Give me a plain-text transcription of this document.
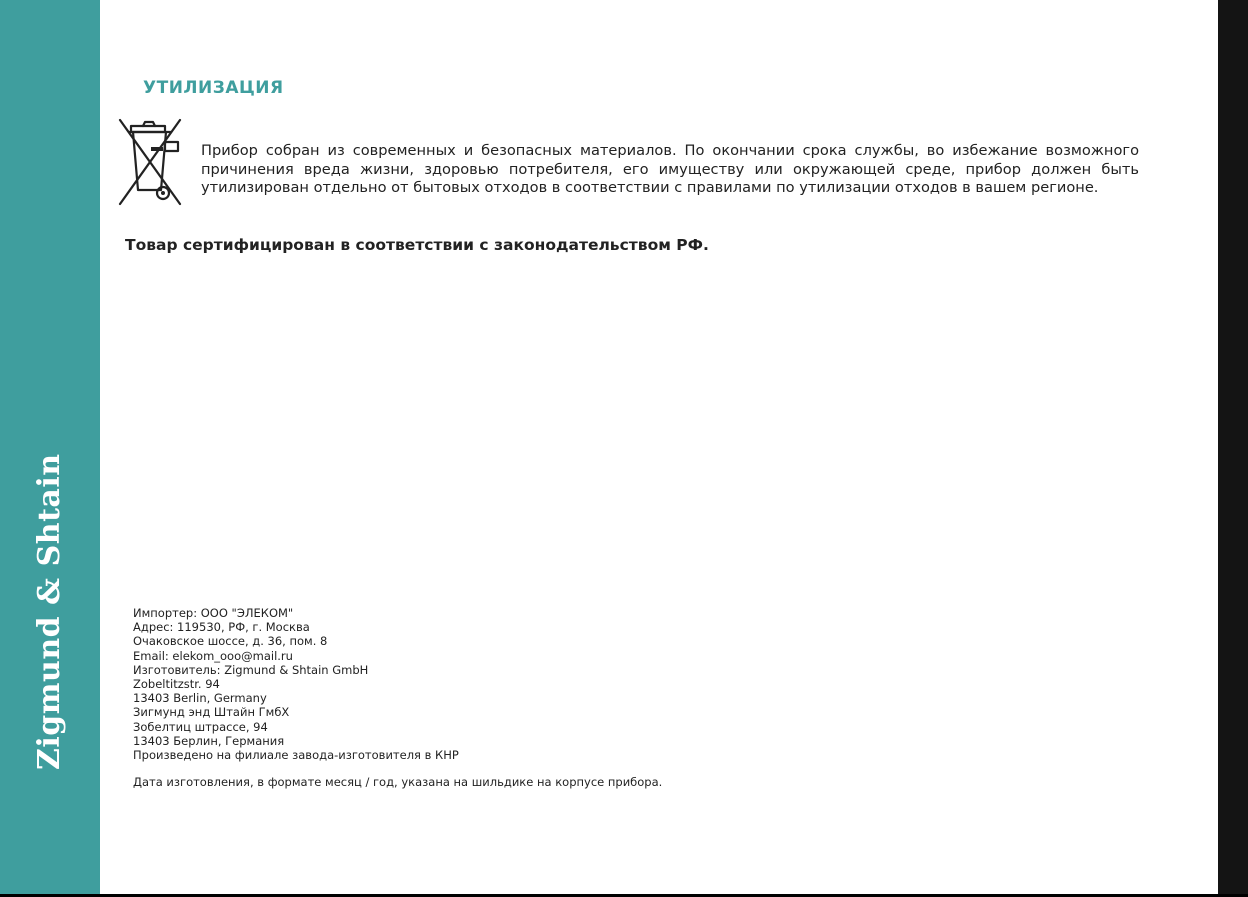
Zigmund & Shtain
УТИЛИЗАЦИЯ

Прибор собран из современных и безопасных материалов. По окончании срока службы, во избежание возможного причинения вреда жизни, здоровью потребителя, его имуществу или окружающей среде, прибор должен быть утилизирован отдельно от бытовых отходов в соответствии с правилами по утилизации отходов в вашем регионе.

Товар сертифицирован в соответствии с законодательством РФ.

Импортер: ООО "ЭЛЕКОМ"
Адрес: 119530, РФ, г. Москва
Очаковское шоссе, д. 36, пом. 8
Email: elekom_ooo@mail.ru
Изготовитель: Zigmund & Shtain GmbH
Zobeltitzstr. 94
13403 Berlin, Germany
Зигмунд энд Штайн ГмбХ
Зобелтиц штрассе, 94
13403 Берлин, Германия
Произведено на филиале завода-изготовителя в КНР

Дата изготовления, в формате месяц / год, указана на шильдике на корпусе прибора.
